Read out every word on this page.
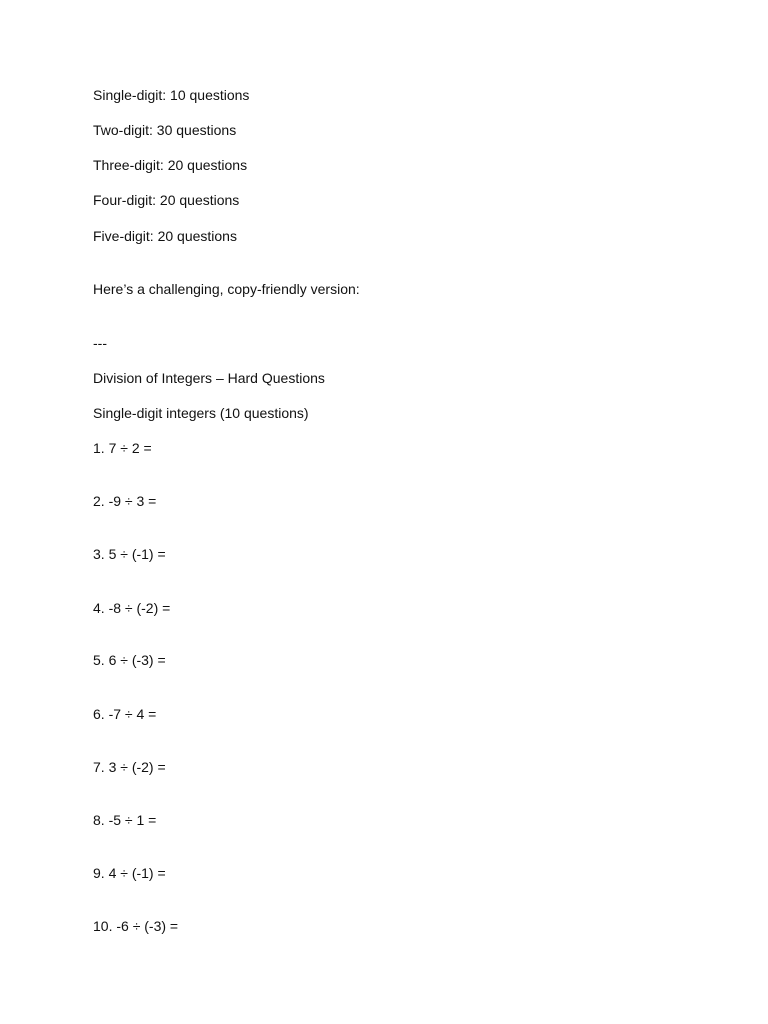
Single-digit: 10 questions

Two-digit: 30 questions

Three-digit: 20 questions

Four-digit: 20 questions

Five-digit: 20 questions

Here’s a challenging, copy-friendly version:

---

Division of Integers – Hard Questions

Single-digit integers (10 questions)

1. 7 ÷ 2 =

2. -9 ÷ 3 =

3. 5 ÷ (-1) =

4. -8 ÷ (-2) =

5. 6 ÷ (-3) =

6. -7 ÷ 4 =

7. 3 ÷ (-2) =

8. -5 ÷ 1 =

9. 4 ÷ (-1) =

10. -6 ÷ (-3) =
